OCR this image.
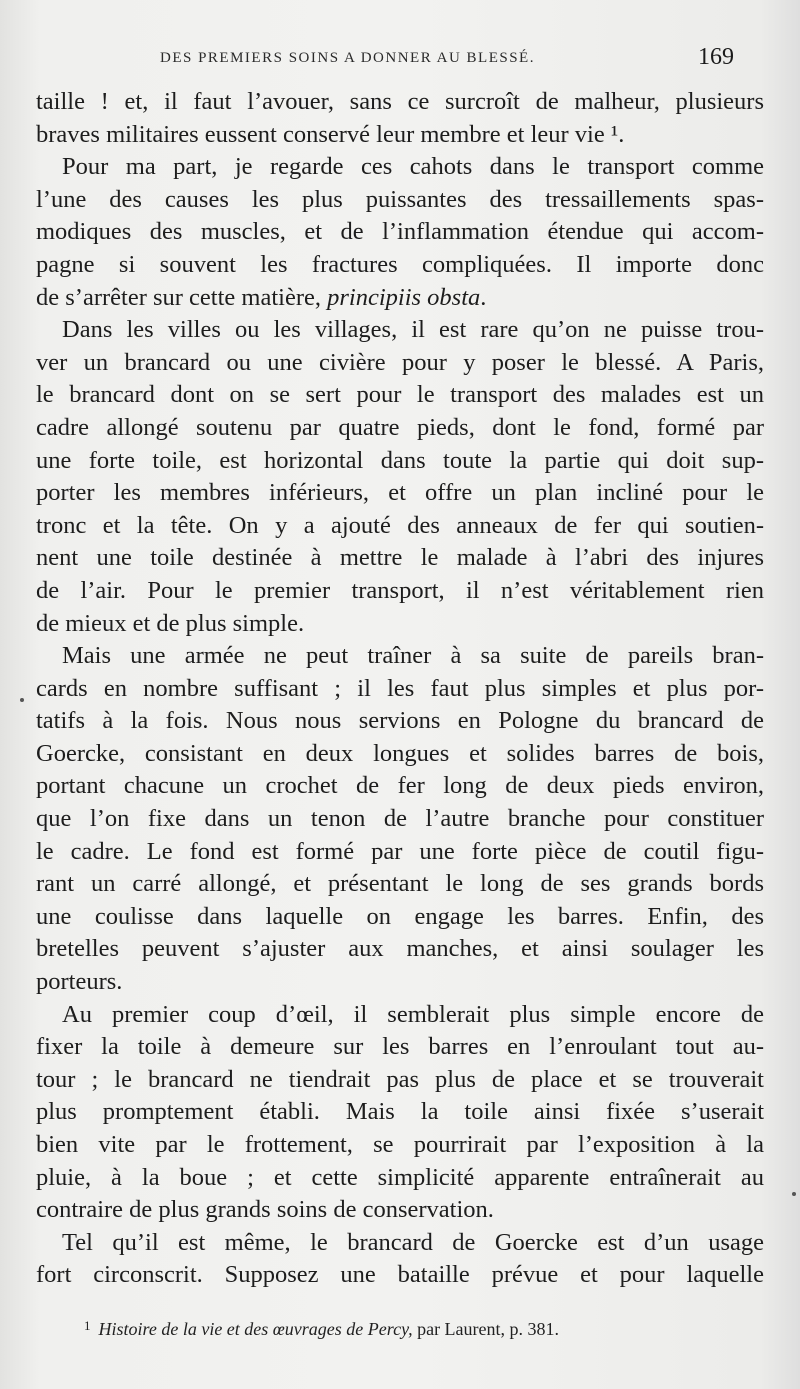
DES PREMIERS SOINS A DONNER AU BLESSÉ.	169
taille ! et, il faut l’avouer, sans ce surcroît de malheur, plusieurs
braves militaires eussent conservé leur membre et leur vie ¹.
Pour ma part, je regarde ces cahots dans le transport comme
l’une des causes les plus puissantes des tressaillements spas-
modiques des muscles, et de l’inflammation étendue qui accom-
pagne si souvent les fractures compliquées. Il importe donc
de s’arrêter sur cette matière, principiis obsta.
Dans les villes ou les villages, il est rare qu’on ne puisse trou-
ver un brancard ou une civière pour y poser le blessé. A Paris,
le brancard dont on se sert pour le transport des malades est un
cadre allongé soutenu par quatre pieds, dont le fond, formé par
une forte toile, est horizontal dans toute la partie qui doit sup-
porter les membres inférieurs, et offre un plan incliné pour le
tronc et la tête. On y a ajouté des anneaux de fer qui soutien-
nent une toile destinée à mettre le malade à l’abri des injures
de l’air. Pour le premier transport, il n’est véritablement rien
de mieux et de plus simple.
Mais une armée ne peut traîner à sa suite de pareils bran-
cards en nombre suffisant ; il les faut plus simples et plus por-
tatifs à la fois. Nous nous servions en Pologne du brancard de
Goercke, consistant en deux longues et solides barres de bois,
portant chacune un crochet de fer long de deux pieds environ,
que l’on fixe dans un tenon de l’autre branche pour constituer
le cadre. Le fond est formé par une forte pièce de coutil figu-
rant un carré allongé, et présentant le long de ses grands bords
une coulisse dans laquelle on engage les barres. Enfin, des
bretelles peuvent s’ajuster aux manches, et ainsi soulager les
porteurs.
Au premier coup d’œil, il semblerait plus simple encore de
fixer la toile à demeure sur les barres en l’enroulant tout au-
tour ; le brancard ne tiendrait pas plus de place et se trouverait
plus promptement établi. Mais la toile ainsi fixée s’userait
bien vite par le frottement, se pourrirait par l’exposition à la
pluie, à la boue ; et cette simplicité apparente entraînerait au
contraire de plus grands soins de conservation.
Tel qu’il est même, le brancard de Goercke est d’un usage
fort circonscrit. Supposez une bataille prévue et pour laquelle
$^1$ Histoire de la vie et des œuvrages de Percy, par Laurent, p. 381.
